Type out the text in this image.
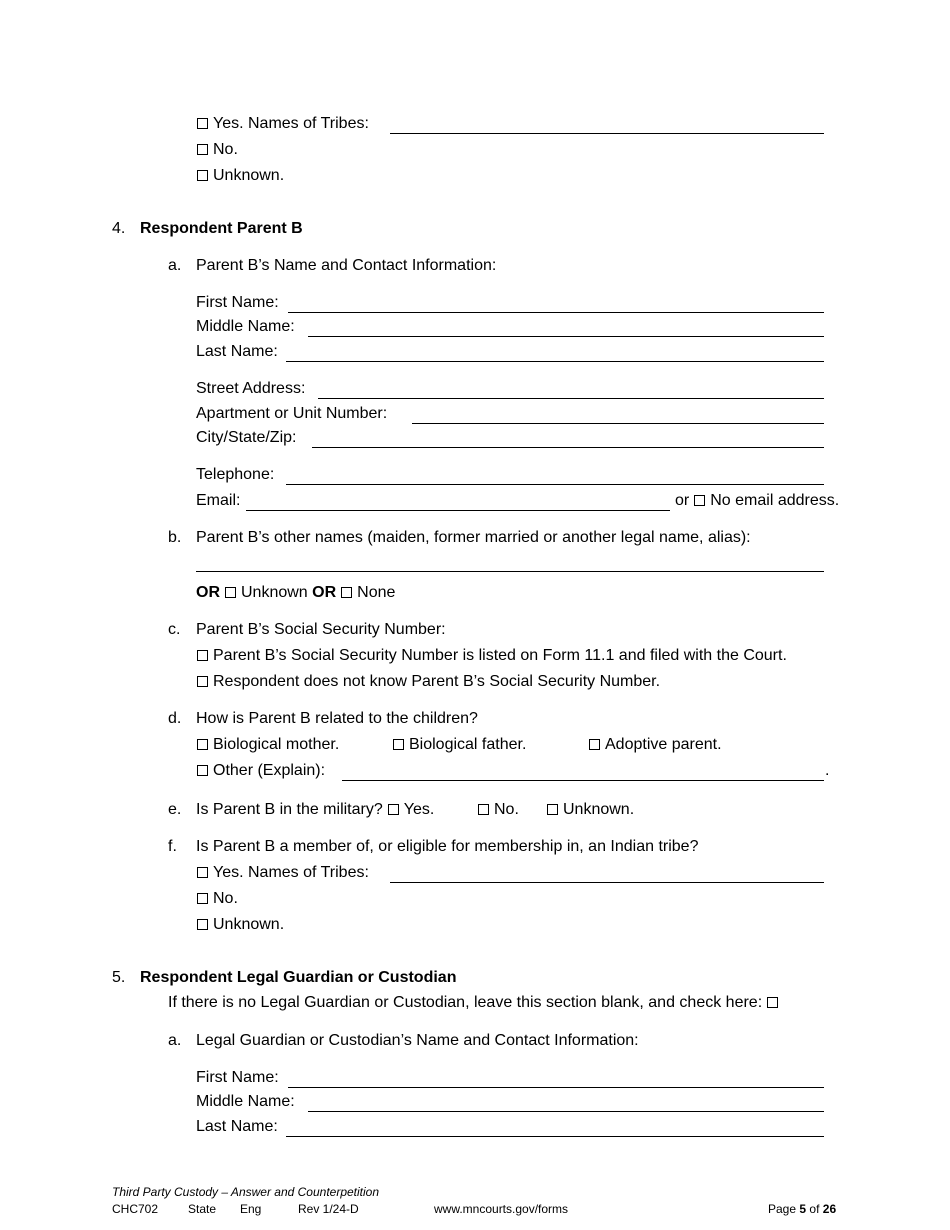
Yes. Names of Tribes:
No.
Unknown.
4. Respondent Parent B
a. Parent B’s Name and Contact Information:
First Name:
Middle Name:
Last Name:
Street Address:
Apartment or Unit Number:
City/State/Zip:
Telephone:
Email:	or No email address.
b. Parent B’s other names (maiden, former married or another legal name, alias):
OR Unknown OR None
c. Parent B’s Social Security Number:
Parent B’s Social Security Number is listed on Form 11.1 and filed with the Court.
Respondent does not know Parent B’s Social Security Number.
d. How is Parent B related to the children?
Biological mother.	Biological father.	Adoptive parent.
Other (Explain):	.
e. Is Parent B in the military? Yes.	No.	Unknown.
f. Is Parent B a member of, or eligible for membership in, an Indian tribe?
Yes. Names of Tribes:
No.
Unknown.
5. Respondent Legal Guardian or Custodian
If there is no Legal Guardian or Custodian, leave this section blank, and check here:
a. Legal Guardian or Custodian’s Name and Contact Information:
First Name:
Middle Name:
Last Name:
Third Party Custody – Answer and Counterpetition
CHC702 State Eng	Rev 1/24-D	www.mncourts.gov/forms	Page 5 of 26
